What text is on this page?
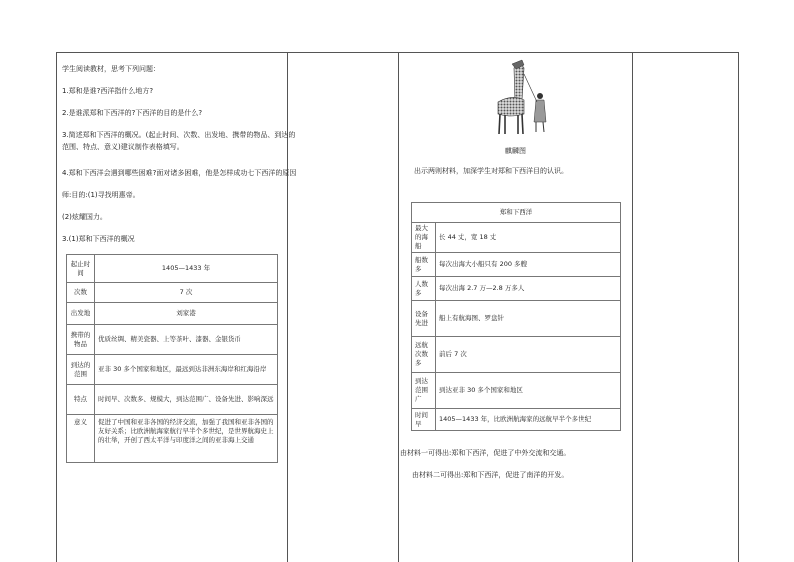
学生阅读教材，思考下列问题：
1.郑和是谁?西洋指什么地方?
2.是谁派郑和下西洋的?下西洋的目的是什么?
3.简述郑和下西洋的概况。(起止时间、次数、出发地、携带的物品、到达的
范围、特点、意义)建议制作表格填写。
4.郑和下西洋会遇到哪些困难?面对诸多困难，他是怎样成功七下西洋的原因
师:目的:(1)寻找明惠帝。
(2)炫耀国力。
3.(1)郑和下西洋的概况
起止时间	1405—1433 年
次数	7 次
出发地	刘家港
携带的物品	优质丝绸、精美瓷器、上等茶叶、漆器、金银货币
到达的范围	亚非 30 多个国家和地区，最远到达非洲东海岸和红海沿岸
特点	时间早、次数多、规模大，到达范围广、设备先进、影响深远
意义	促进了中国和亚非各国的经济交流，加强了我国和亚非各国的友好关系；比欧洲航海家航行早半个多世纪，是世界航海史上的壮举，开创了西太平洋与印度洋之间的亚非海上交通
麒麟图
出示两则材料，加深学生对郑和下西洋目的认识。
郑和下西洋	
最大的海船	长 44 丈，宽 18 丈
船数多	每次出海大小船只有 200 多艘
人数多	每次出海 2.7 万—2.8 万多人
设备先进	船上有航海图、罗盘针
远航次数多	前后 7 次
到达范围广	到达亚非 30 多个国家和地区
时间早	1405—1433 年，比欧洲航海家的远航早半个多世纪
由材料一可得出:郑和下西洋，促进了中外交流和交通。
由材料二可得出:郑和下西洋，促进了南洋的开发。
